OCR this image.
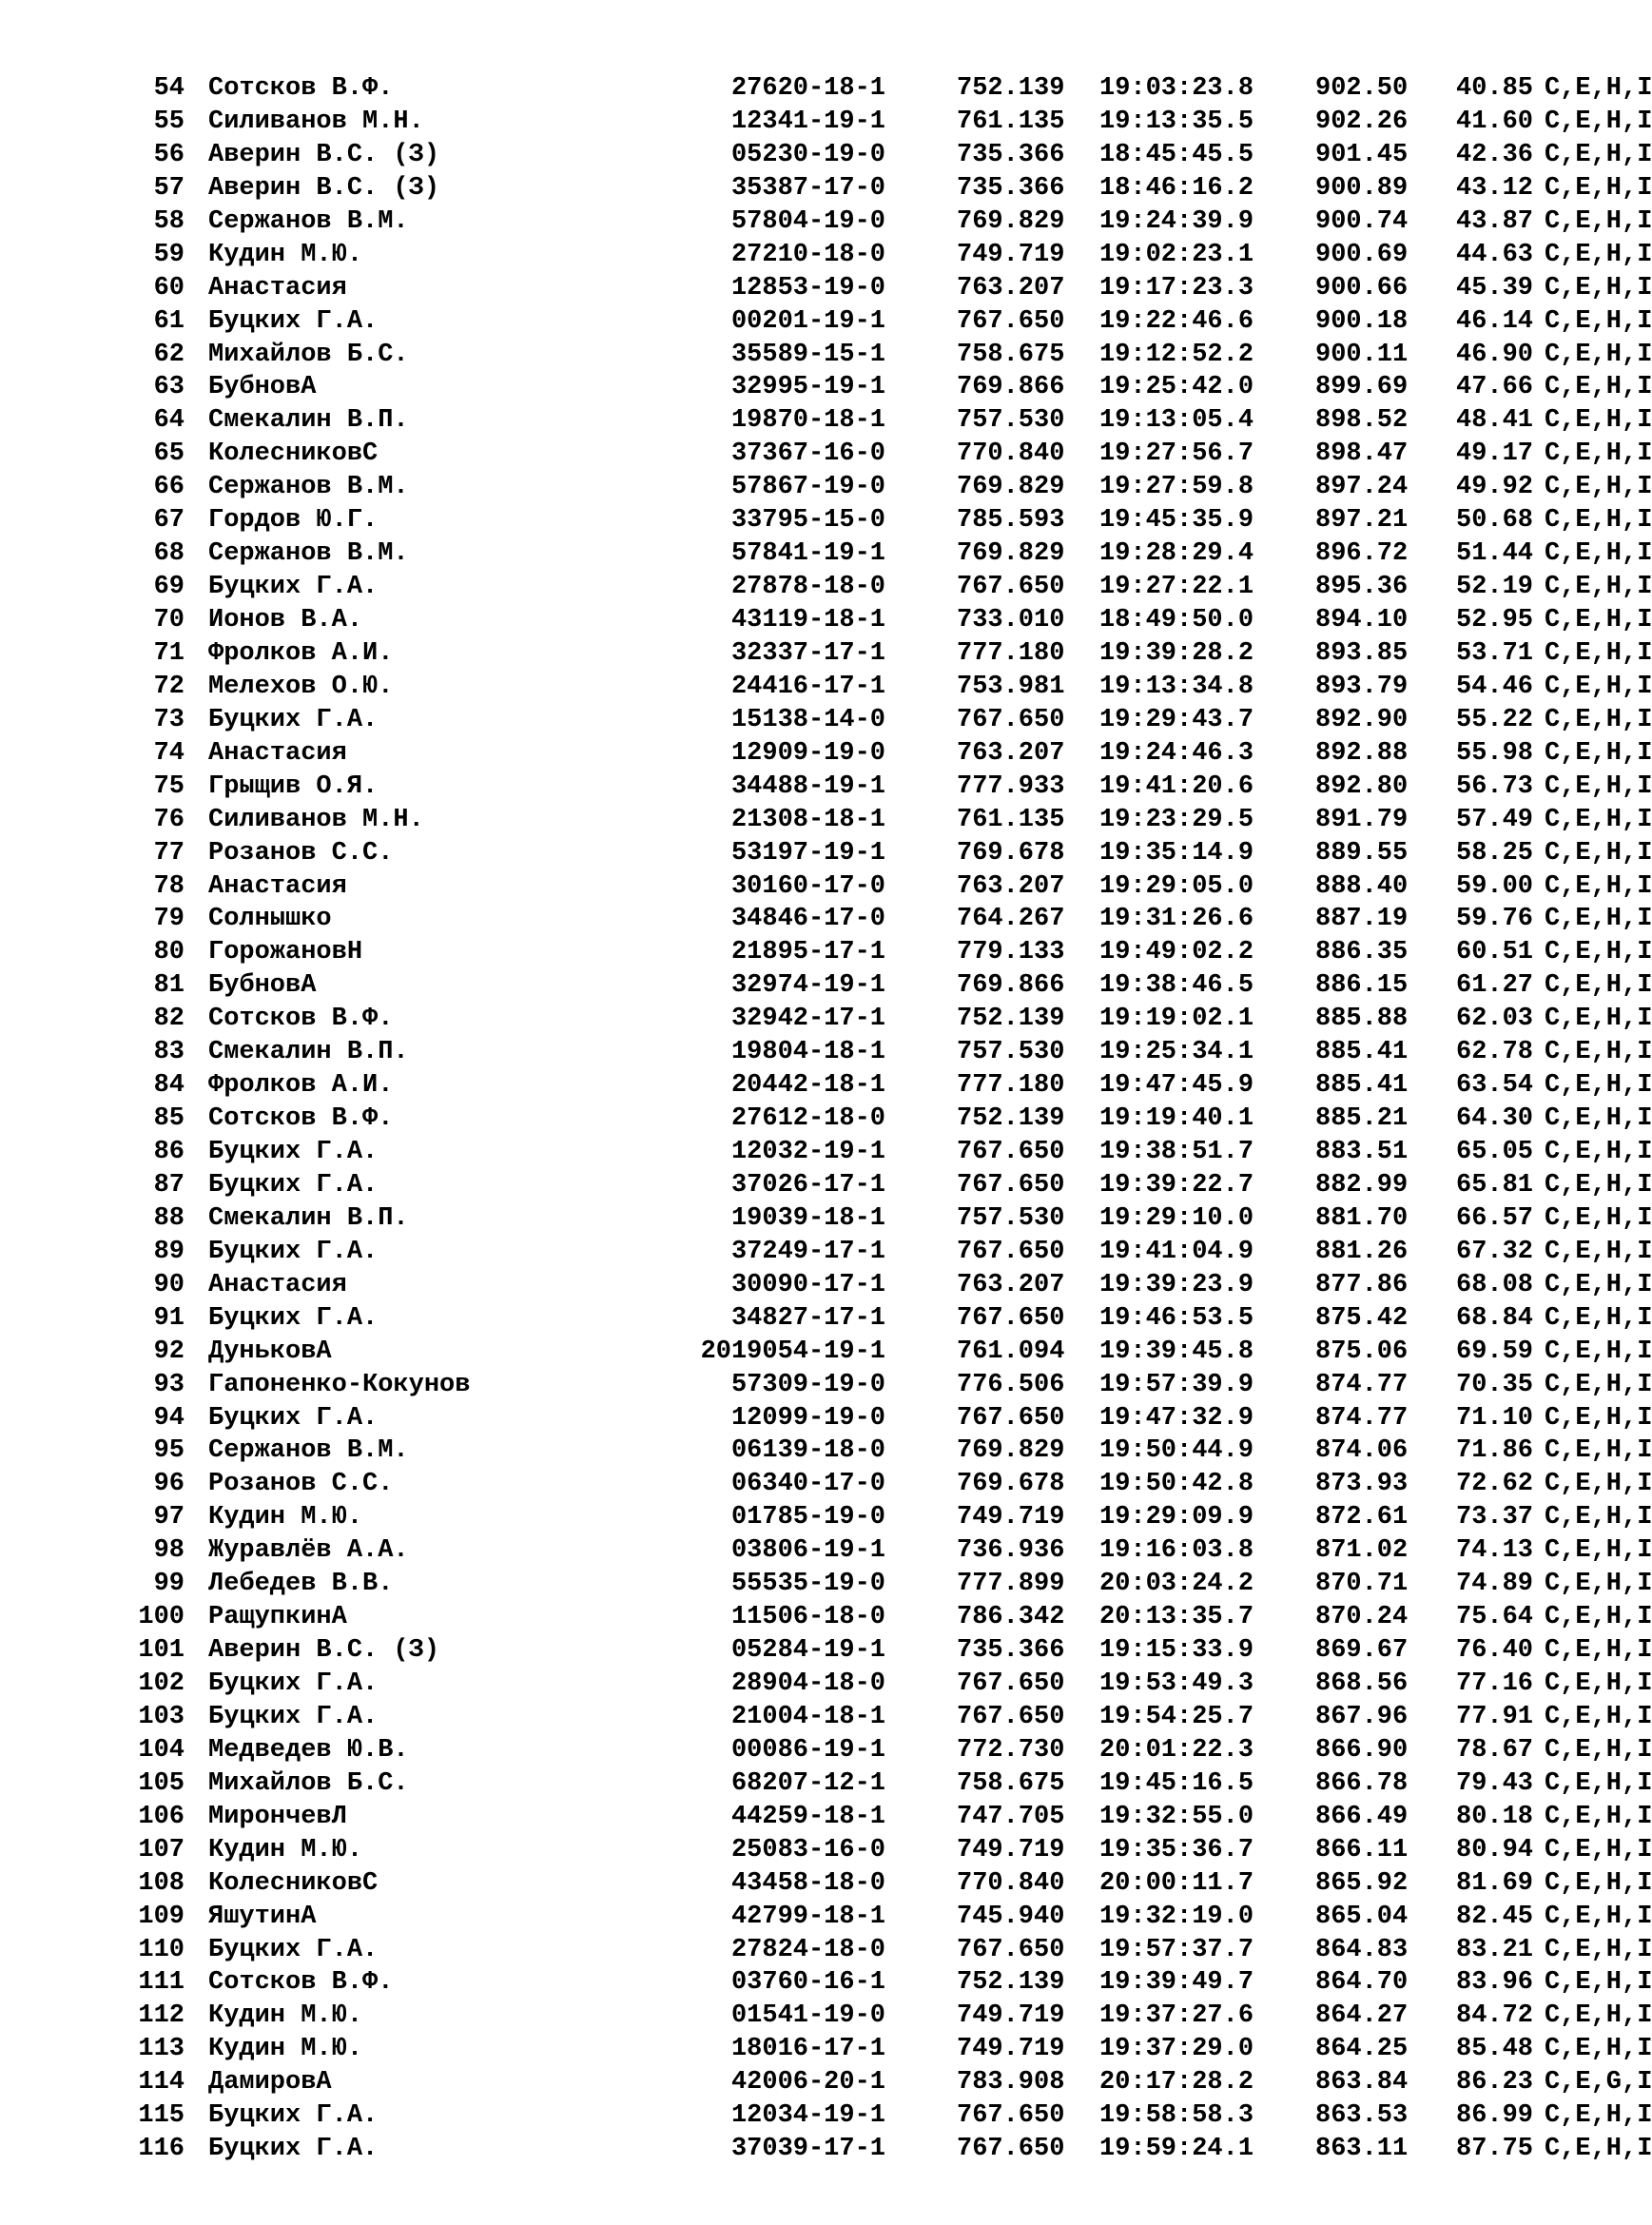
54 Сотсков В.Ф.	27620-18-1	752.139 19:03:23.8 902.50 40.85 C,E,H,I
55 Силиванов М.Н.	12341-19-1	761.135 19:13:35.5 902.26 41.60 C,E,H,I
56 Аверин В.С. (З)	05230-19-0	735.366 18:45:45.5 901.45 42.36 C,E,H,I
57 Аверин В.С. (З)	35387-17-0	735.366 18:46:16.2 900.89 43.12 C,E,H,I
58 Сержанов В.М.	57804-19-0	769.829 19:24:39.9 900.74 43.87 C,E,H,I
59 Кудин М.Ю.	27210-18-0	749.719 19:02:23.1 900.69 44.63 C,E,H,I
60 Анастасия	12853-19-0	763.207 19:17:23.3 900.66 45.39 C,E,H,I
61 Буцких Г.А.	00201-19-1	767.650 19:22:46.6 900.18 46.14 C,E,H,I
62 Михайлов Б.С.	35589-15-1	758.675 19:12:52.2 900.11 46.90 C,E,H,I
63 БубновА	32995-19-1	769.866 19:25:42.0 899.69 47.66 C,E,H,I
64 Смекалин В.П.	19870-18-1	757.530 19:13:05.4 898.52 48.41 C,E,H,I
65 КолесниковС	37367-16-0	770.840 19:27:56.7 898.47 49.17 C,E,H,I
66 Сержанов В.М.	57867-19-0	769.829 19:27:59.8 897.24 49.92 C,E,H,I
67 Гордов Ю.Г.	33795-15-0	785.593 19:45:35.9 897.21 50.68 C,E,H,I
68 Сержанов В.М.	57841-19-1	769.829 19:28:29.4 896.72 51.44 C,E,H,I
69 Буцких Г.А.	27878-18-0	767.650 19:27:22.1 895.36 52.19 C,E,H,I
70 Ионов В.А.	43119-18-1	733.010 18:49:50.0 894.10 52.95 C,E,H,I
71 Фролков А.И.	32337-17-1	777.180 19:39:28.2 893.85 53.71 C,E,H,I
72 Мелехов О.Ю.	24416-17-1	753.981 19:13:34.8 893.79 54.46 C,E,H,I
73 Буцких Г.А.	15138-14-0	767.650 19:29:43.7 892.90 55.22 C,E,H,I
74 Анастасия	12909-19-0	763.207 19:24:46.3 892.88 55.98 C,E,H,I
75 Грыщив О.Я.	34488-19-1	777.933 19:41:20.6 892.80 56.73 C,E,H,I
76 Силиванов М.Н.	21308-18-1	761.135 19:23:29.5 891.79 57.49 C,E,H,I
77 Розанов С.С.	53197-19-1	769.678 19:35:14.9 889.55 58.25 C,E,H,I
78 Анастасия	30160-17-0	763.207 19:29:05.0 888.40 59.00 C,E,H,I
79 Солнышко	34846-17-0	764.267 19:31:26.6 887.19 59.76 C,E,H,I
80 ГорожановН	21895-17-1	779.133 19:49:02.2 886.35 60.51 C,E,H,I
81 БубновА	32974-19-1	769.866 19:38:46.5 886.15 61.27 C,E,H,I
82 Сотсков В.Ф.	32942-17-1	752.139 19:19:02.1 885.88 62.03 C,E,H,I
83 Смекалин В.П.	19804-18-1	757.530 19:25:34.1 885.41 62.78 C,E,H,I
84 Фролков А.И.	20442-18-1	777.180 19:47:45.9 885.41 63.54 C,E,H,I
85 Сотсков В.Ф.	27612-18-0	752.139 19:19:40.1 885.21 64.30 C,E,H,I
86 Буцких Г.А.	12032-19-1	767.650 19:38:51.7 883.51 65.05 C,E,H,I
87 Буцких Г.А.	37026-17-1	767.650 19:39:22.7 882.99 65.81 C,E,H,I
88 Смекалин В.П.	19039-18-1	757.530 19:29:10.0 881.70 66.57 C,E,H,I
89 Буцких Г.А.	37249-17-1	767.650 19:41:04.9 881.26 67.32 C,E,H,I
90 Анастасия	30090-17-1	763.207 19:39:23.9 877.86 68.08 C,E,H,I
91 Буцких Г.А.	34827-17-1	767.650 19:46:53.5 875.42 68.84 C,E,H,I
92 ДуньковА	2019054-19-1	761.094 19:39:45.8 875.06 69.59 C,E,H,I
93 Гапоненко-Кокунов	57309-19-0	776.506 19:57:39.9 874.77 70.35 C,E,H,I
94 Буцких Г.А.	12099-19-0	767.650 19:47:32.9 874.77 71.10 C,E,H,I
95 Сержанов В.М.	06139-18-0	769.829 19:50:44.9 874.06 71.86 C,E,H,I
96 Розанов С.С.	06340-17-0	769.678 19:50:42.8 873.93 72.62 C,E,H,I
97 Кудин М.Ю.	01785-19-0	749.719 19:29:09.9 872.61 73.37 C,E,H,I
98 Журавлёв А.А.	03806-19-1	736.936 19:16:03.8 871.02 74.13 C,E,H,I
99 Лебедев В.В.	55535-19-0	777.899 20:03:24.2 870.71 74.89 C,E,H,I
100 РащупкинА	11506-18-0	786.342 20:13:35.7 870.24 75.64 C,E,H,I
101 Аверин В.С. (З)	05284-19-1	735.366 19:15:33.9 869.67 76.40 C,E,H,I
102 Буцких Г.А.	28904-18-0	767.650 19:53:49.3 868.56 77.16 C,E,H,I
103 Буцких Г.А.	21004-18-1	767.650 19:54:25.7 867.96 77.91 C,E,H,I
104 Медведев Ю.В.	00086-19-1	772.730 20:01:22.3 866.90 78.67 C,E,H,I
105 Михайлов Б.С.	68207-12-1	758.675 19:45:16.5 866.78 79.43 C,E,H,I
106 МирончевЛ	44259-18-1	747.705 19:32:55.0 866.49 80.18 C,E,H,I
107 Кудин М.Ю.	25083-16-0	749.719 19:35:36.7 866.11 80.94 C,E,H,I
108 КолесниковС	43458-18-0	770.840 20:00:11.7 865.92 81.69 C,E,H,I
109 ЯшутинА	42799-18-1	745.940 19:32:19.0 865.04 82.45 C,E,H,I
110 Буцких Г.А.	27824-18-0	767.650 19:57:37.7 864.83 83.21 C,E,H,I
111 Сотсков В.Ф.	03760-16-1	752.139 19:39:49.7 864.70 83.96 C,E,H,I
112 Кудин М.Ю.	01541-19-0	749.719 19:37:27.6 864.27 84.72 C,E,H,I
113 Кудин М.Ю.	18016-17-1	749.719 19:37:29.0 864.25 85.48 C,E,H,I
114 ДамировА	42006-20-1	783.908 20:17:28.2 863.84 86.23 C,E,G,I
115 Буцких Г.А.	12034-19-1	767.650 19:58:58.3 863.53 86.99 C,E,H,I
116 Буцких Г.А.	37039-17-1	767.650 19:59:24.1 863.11 87.75 C,E,H,I
